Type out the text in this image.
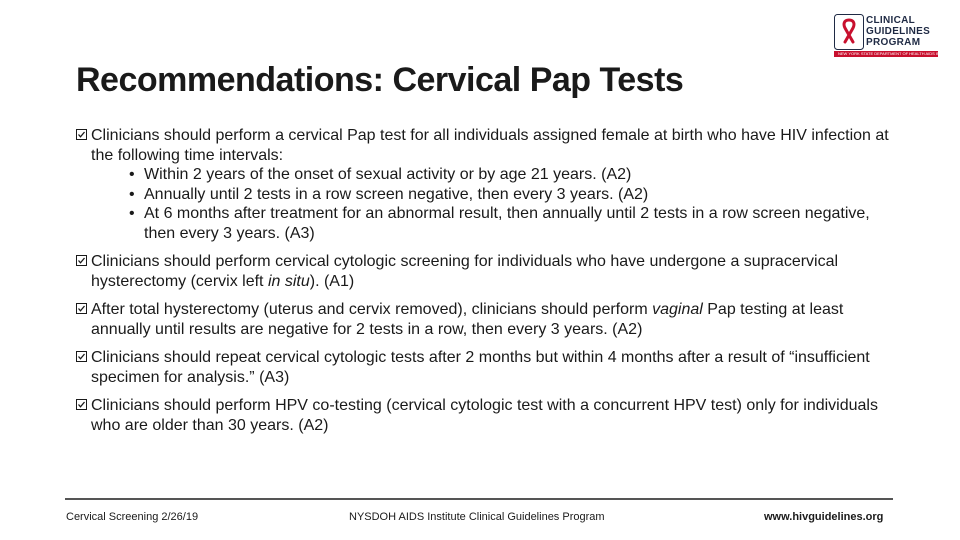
CLINICAL
GUIDELINES
PROGRAM
NEW YORK STATE DEPARTMENT OF HEALTH AIDS INSTITUTE
Recommendations: Cervical Pap Tests
Clinicians should perform a cervical Pap test for all individuals assigned female at birth who have HIV infection at the following time intervals:
• Within 2 years of the onset of sexual activity or by age 21 years. (A2)
• Annually until 2 tests in a row screen negative, then every 3 years. (A2)
• At 6 months after treatment for an abnormal result, then annually until 2 tests in a row screen negative, then every 3 years. (A3)
Clinicians should perform cervical cytologic screening for individuals who have undergone a supracervical hysterectomy (cervix left in situ). (A1)
After total hysterectomy (uterus and cervix removed), clinicians should perform vaginal Pap testing at least annually until results are negative for 2 tests in a row, then every 3 years. (A2)
Clinicians should repeat cervical cytologic tests after 2 months but within 4 months after a result of “insufficient specimen for analysis.” (A3)
Clinicians should perform HPV co-testing (cervical cytologic test with a concurrent HPV test) only for individuals who are older than 30 years. (A2)
Cervical Screening 2/26/19	NYSDOH AIDS Institute Clinical Guidelines Program	www.hivguidelines.org
